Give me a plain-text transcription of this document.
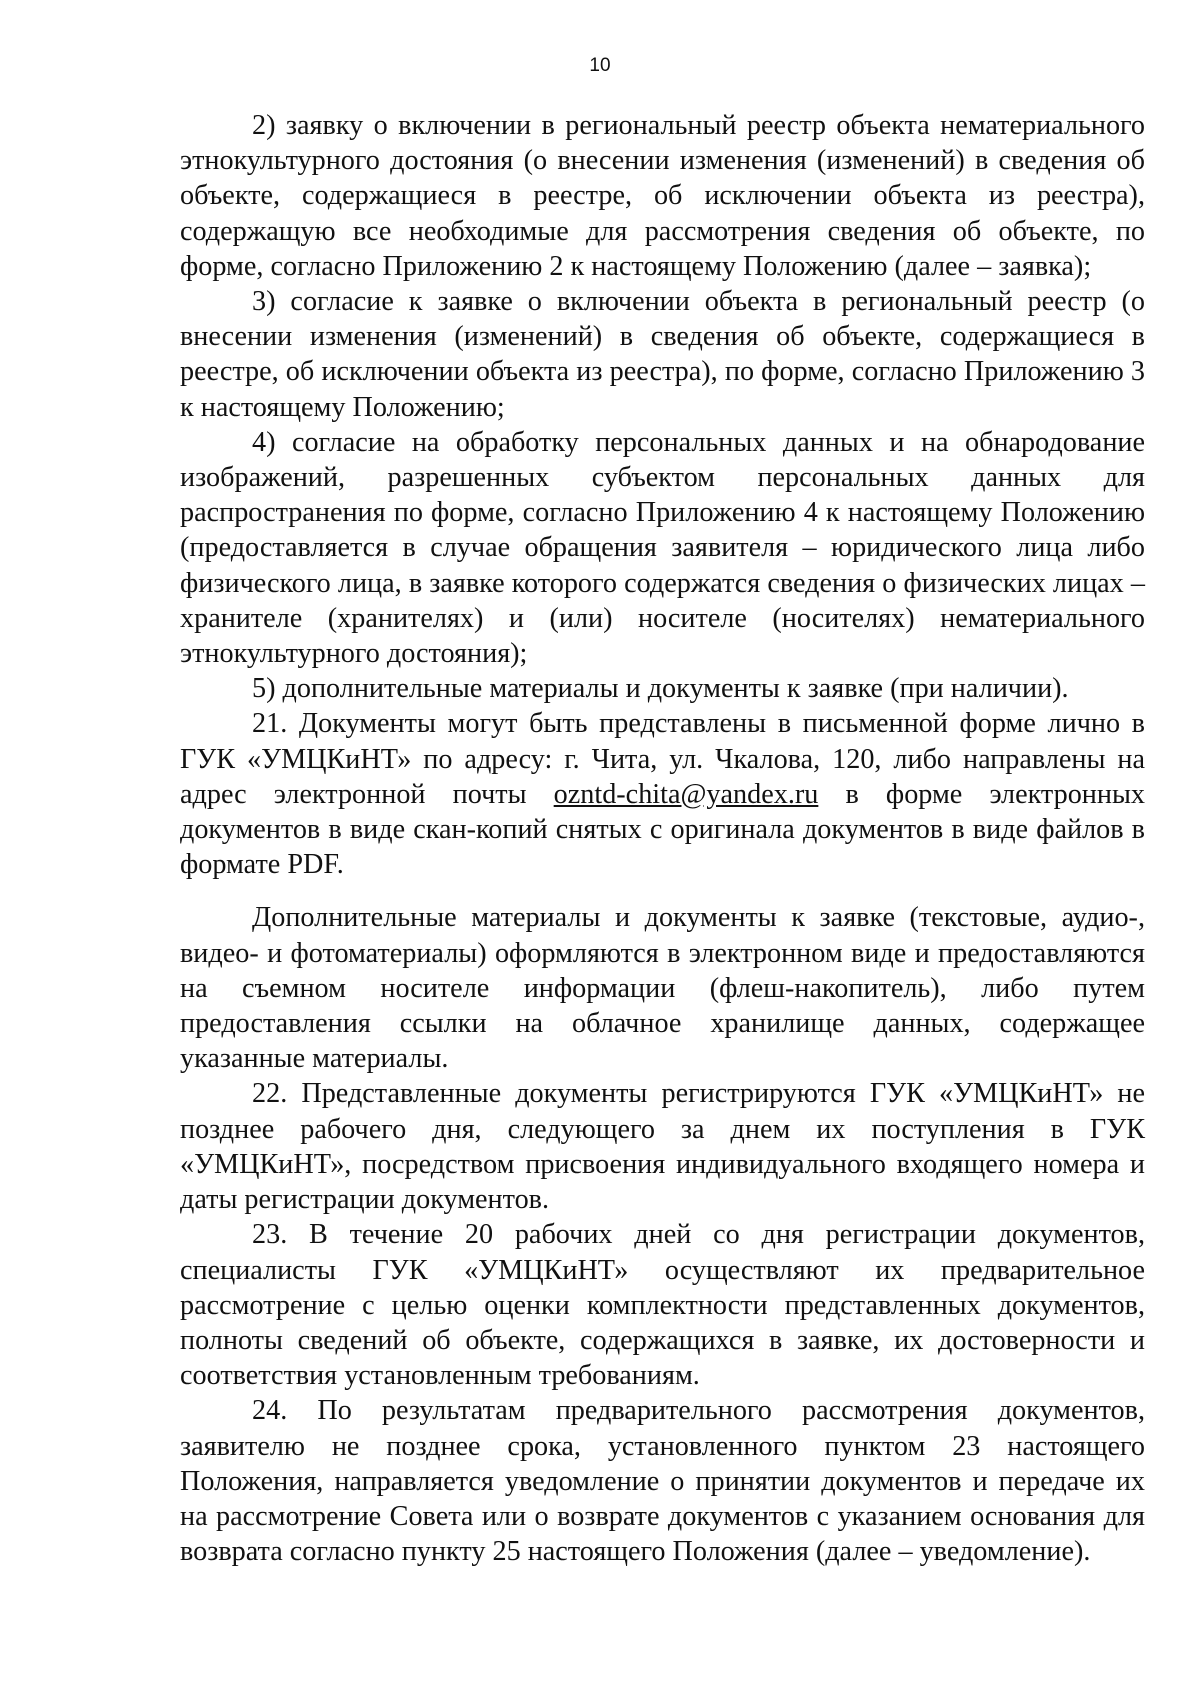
10

2) заявку о включении в региональный реестр объекта нематериального этнокультурного достояния (о внесении изменения (изменений) в сведения об объекте, содержащиеся в реестре, об исключении объекта из реестра), содержащую все необходимые для рассмотрения сведения об объекте, по форме, согласно Приложению 2 к настоящему Положению (далее – заявка);

3) согласие к заявке о включении объекта в региональный реестр (о внесении изменения (изменений) в сведения об объекте, содержащиеся в реестре, об исключении объекта из реестра), по форме, согласно Приложению 3 к настоящему Положению;

4) согласие на обработку персональных данных и на обнародование изображений, разрешенных субъектом персональных данных для распространения по форме, согласно Приложению 4 к настоящему Положению (предоставляется в случае обращения заявителя – юридического лица либо физического лица, в заявке которого содержатся сведения о физических лицах – хранителе (хранителях) и (или) носителе (носителях) нематериального этнокультурного достояния);

5) дополнительные материалы и документы к заявке (при наличии).

21. Документы могут быть представлены в письменной форме лично в ГУК «УМЦКиНТ» по адресу: г. Чита, ул. Чкалова, 120, либо направлены на адрес электронной почты ozntd-chita@yandex.ru в форме электронных документов в виде скан-копий снятых с оригинала документов в виде файлов в формате PDF.

Дополнительные материалы и документы к заявке (текстовые, аудио-, видео- и фотоматериалы) оформляются в электронном виде и предоставляются на съемном носителе информации (флеш-накопитель), либо путем предоставления ссылки на облачное хранилище данных, содержащее указанные материалы.

22. Представленные документы регистрируются ГУК «УМЦКиНТ» не позднее рабочего дня, следующего за днем их поступления в ГУК «УМЦКиНТ», посредством присвоения индивидуального входящего номера и даты регистрации документов.

23. В течение 20 рабочих дней со дня регистрации документов, специалисты ГУК «УМЦКиНТ» осуществляют их предварительное рассмотрение с целью оценки комплектности представленных документов, полноты сведений об объекте, содержащихся в заявке, их достоверности и соответствия установленным требованиям.

24. По результатам предварительного рассмотрения документов, заявителю не позднее срока, установленного пунктом 23 настоящего Положения, направляется уведомление о принятии документов и передаче их на рассмотрение Совета или о возврате документов с указанием основания для возврата согласно пункту 25 настоящего Положения (далее – уведомление).
